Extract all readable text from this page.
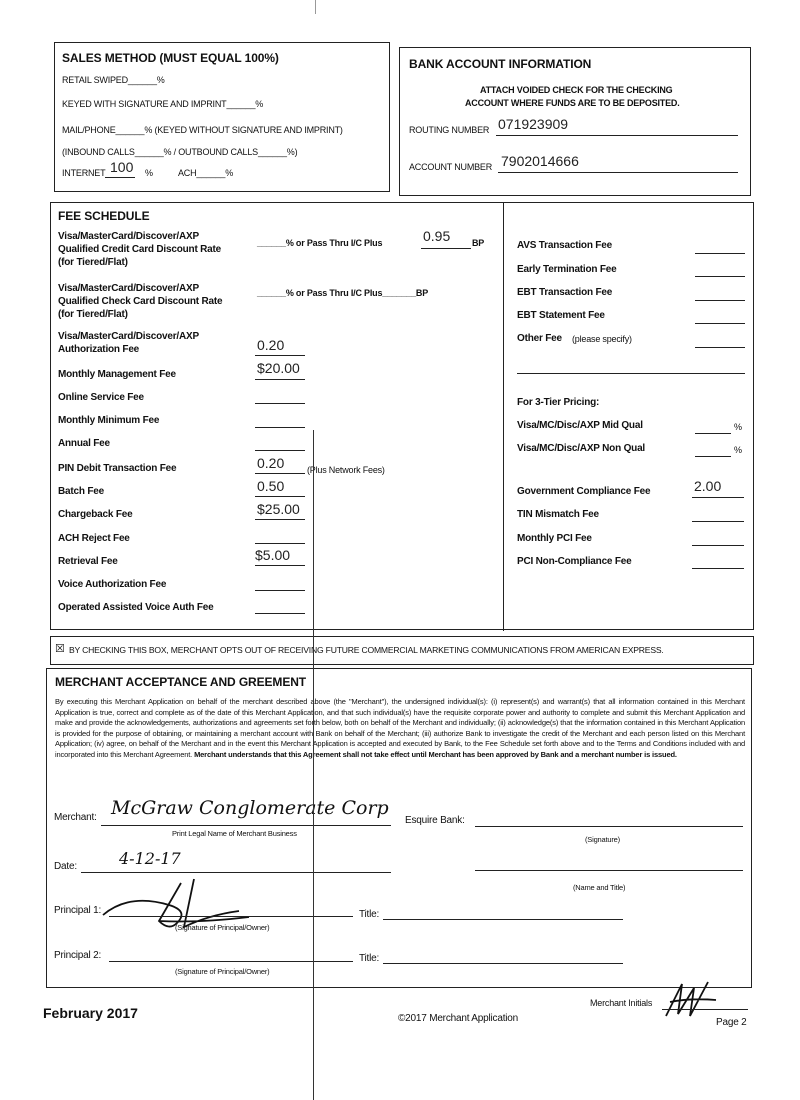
SALES METHOD (MUST EQUAL 100%)
RETAIL SWIPED______%
KEYED WITH SIGNATURE AND IMPRINT______%
MAIL/PHONE______% (KEYED WITHOUT SIGNATURE AND IMPRINT)
(INBOUND CALLS______% / OUTBOUND CALLS______%)
INTERNET 100 %	ACH______%
BANK ACCOUNT INFORMATION
ATTACH VOIDED CHECK FOR THE CHECKING
ACCOUNT WHERE FUNDS ARE TO BE DEPOSITED.
ROUTING NUMBER 071923909
ACCOUNT NUMBER 7902014666
FEE SCHEDULE
Visa/MasterCard/Discover/AXP
Qualified Credit Card Discount Rate
(for Tiered/Flat)
______% or Pass Thru I/C Plus	0.95 BP
Visa/MasterCard/Discover/AXP
Qualified Check Card Discount Rate
(for Tiered/Flat)
______% or Pass Thru I/C Plus_______BP
Visa/MasterCard/Discover/AXP
Authorization Fee	0.20
Monthly Management Fee	$20.00
Online Service Fee
Monthly Minimum Fee
Annual Fee
PIN Debit Transaction Fee	0.20	(Plus Network Fees)
Batch Fee	0.50
Chargeback Fee	$25.00
ACH Reject Fee
Retrieval Fee	$5.00
Voice Authorization Fee
Operated Assisted Voice Auth Fee
AVS Transaction Fee
Early Termination Fee
EBT Transaction Fee
EBT Statement Fee
Other Fee (please specify)
For 3-Tier Pricing:
Visa/MC/Disc/AXP Mid Qual	%
Visa/MC/Disc/AXP Non Qual	%
Government Compliance Fee	2.00
TIN Mismatch Fee
Monthly PCI Fee
PCI Non-Compliance Fee
☒ BY CHECKING THIS BOX, MERCHANT OPTS OUT OF RECEIVING FUTURE COMMERCIAL MARKETING COMMUNICATIONS FROM AMERICAN EXPRESS.
MERCHANT ACCEPTANCE AND GREEMENT
By executing this Merchant Application on behalf of the merchant described above (the "Merchant"), the undersigned individual(s): (i) represent(s) and warrant(s) that all information contained in this Merchant Application is true, correct and complete as of the date of this Merchant Application, and that such individual(s) have the requisite corporate power and authority to complete and submit this Merchant Application and make and provide the acknowledgements, authorizations and agreements set forth below, both on behalf of the Merchant and individually; (ii) acknowledge(s) that the information contained in this Merchant Application is provided for the purpose of obtaining, or maintaining a merchant account with Bank on behalf of the Merchant; (iii) authorize Bank to investigate the credit of the Merchant and each person listed on this Merchant Application; (iv) agree, on behalf of the Merchant and in the event this Merchant Application is accepted and executed by Bank, to the Fee Schedule set forth above and to the Terms and Conditions included with and incorporated into this Merchant Agreement. Merchant understands that this Agreement shall not take effect until Merchant has been approved by Bank and a merchant number is issued.
Merchant: McGraw Conglomerate Corp
Print Legal Name of Merchant Business
Esquire Bank:
(Signature)
Date:	4-12-17
(Name and Title)
Principal 1:
(Signature of Principal/Owner)
Title:
Principal 2:
(Signature of Principal/Owner)
Title:
February 2017	©2017 Merchant Application
Merchant Initials
Page 2
